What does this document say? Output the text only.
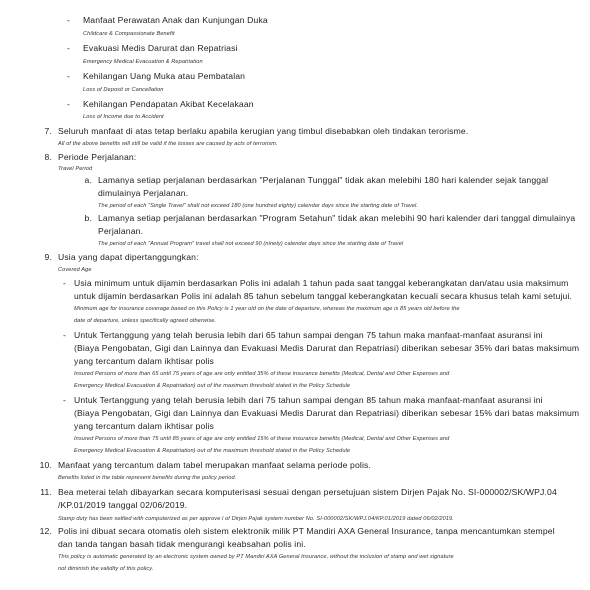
- Manfaat Perawatan Anak dan Kunjungan Duka
Childcare & Compassionate Benefit
- Evakuasi Medis Darurat dan Repatriasi
Emergency Medical Evacuation & Repatriation
- Kehilangan Uang Muka atau Pembatalan
Loss of Deposit or Cancellation
- Kehilangan Pendapatan Akibat Kecelakaan
Loss of Income due to Accident
7. Seluruh manfaat di atas tetap berlaku apabila kerugian yang timbul disebabkan oleh tindakan terorisme.
All of the above benefits will still be valid if the losses are caused by acts of terrorism.
8. Periode Perjalanan:
Travel Period
a. Lamanya setiap perjalanan berdasarkan "Perjalanan Tunggal" tidak akan melebihi 180 hari kalender sejak tanggal
dimulainya Perjalanan.
The period of each "Single Travel" shall not exceed 180 (one hundred eighty) calendar days since the starting date of Travel.
b. Lamanya setiap perjalanan berdasarkan "Program Setahun" tidak akan melebihi 90 hari kalender dari tanggal dimulainya
Perjalanan.
The period of each "Annual Program" travel shall not exceed 90 (ninety) calendar days since the starting date of Travel
9. Usia yang dapat dipertanggungkan:
Covered Age
- Usia minimum untuk dijamin berdasarkan Polis ini adalah 1 tahun pada saat tanggal keberangkatan dan/atau usia maksimum
untuk dijamin berdasarkan Polis ini adalah 85 tahun sebelum tanggal keberangkatan kecuali secara khusus telah kami setujui.
Minimum age for insurance coverage based on this Policy is 1 year old on the date of departure, whereas the maximum age is 85 years old before the
date of departure, unless specifically agreed otherwise.
- Untuk Tertanggung yang telah berusia lebih dari 65 tahun sampai dengan 75 tahun maka manfaat-manfaat asuransi ini
(Biaya Pengobatan, Gigi dan Lainnya dan Evakuasi Medis Darurat dan Repatriasi) diberikan sebesar 35% dari batas maksimum
yang tercantum dalam ikhtisar polis
Insured Persons of more than 65 until 75 years of age are only entitled 35% of these insurance benefits (Medical, Dental and Other Expenses and
Emergency Medical Evacuation & Repatriation) out of the maximum threshold stated in the Policy Schedule
- Untuk Tertanggung yang telah berusia lebih dari 75 tahun sampai dengan 85 tahun maka manfaat-manfaat asuransi ini
(Biaya Pengobatan, Gigi dan Lainnya dan Evakuasi Medis Darurat dan Repatriasi) diberikan sebesar 15% dari batas maksimum
yang tercantum dalam ikhtisar polis
Insured Persons of more than 75 until 85 years of age are only entitled 15% of these insurance benefits (Medical, Dental and Other Expenses and
Emergency Medical Evacuation & Repatriation) out of the maximum threshold stated in the Policy Schedule
10. Manfaat yang tercantum dalam tabel merupakan manfaat selama periode polis.
Benefits listed in the table represent benefits during the policy period.
11. Bea meterai telah dibayarkan secara komputerisasi sesuai dengan persetujuan sistem Dirjen Pajak No. SI-000002/SK/WPJ.04
/KP.01/2019 tanggal 02/06/2019.
Stamp duty has been settled with computerized as per approve l of Dirjen Pajak system number No. SI-000002/SK/WPJ.04/KP.01/2019 dated 06/02/2019.
12. Polis ini dibuat secara otomatis oleh sistem elektronik milik PT Mandiri AXA General Insurance, tanpa mencantumkan stempel
dan tanda tangan basah tidak mengurangi keabsahan polis ini.
This policy is automatic generated by an electronic system owned by PT Mandiri AXA General Insurance, without the inclusion of stamp and wet signature
not diminish the validity of this policy.
